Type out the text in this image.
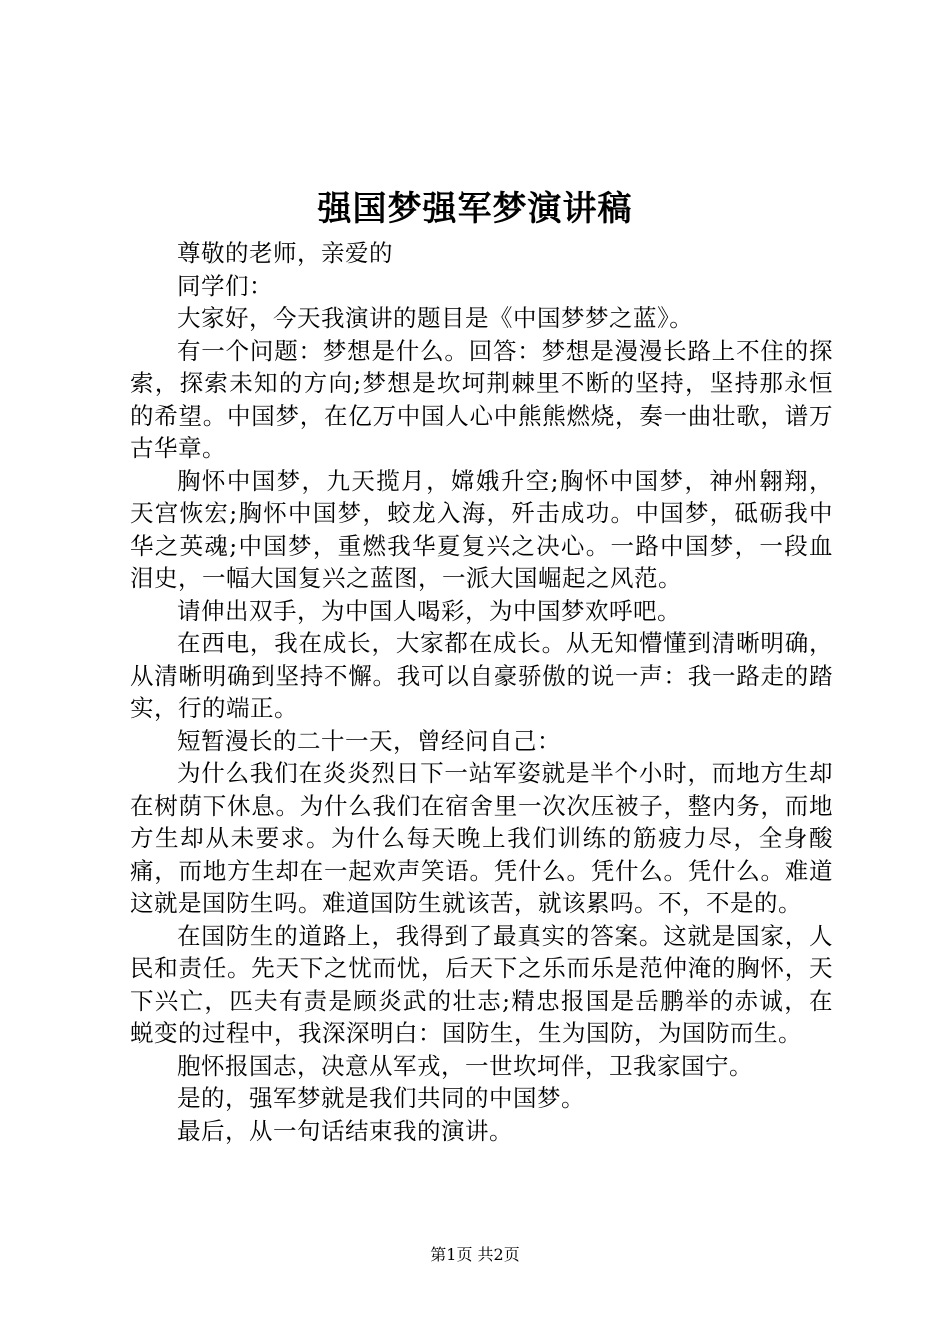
强国梦强军梦演讲稿

尊敬的老师，亲爱的

同学们：

大家好，今天我演讲的题目是《中国梦梦之蓝》。

有一个问题：梦想是什么。回答：梦想是漫漫长路上不住的探索，探索未知的方向;梦想是坎坷荆棘里不断的坚持，坚持那永恒的希望。中国梦，在亿万中国人心中熊熊燃烧，奏一曲壮歌，谱万古华章。

胸怀中国梦，九天揽月，嫦娥升空;胸怀中国梦，神州翱翔，天宫恢宏;胸怀中国梦，蛟龙入海，歼击成功。中国梦，砥砺我中华之英魂;中国梦，重燃我华夏复兴之决心。一路中国梦，一段血泪史，一幅大国复兴之蓝图，一派大国崛起之风范。

请伸出双手，为中国人喝彩，为中国梦欢呼吧。

在西电，我在成长，大家都在成长。从无知懵懂到清晰明确，从清晰明确到坚持不懈。我可以自豪骄傲的说一声：我一路走的踏实，行的端正。

短暂漫长的二十一天，曾经问自己：

为什么我们在炎炎烈日下一站军姿就是半个小时，而地方生却在树荫下休息。为什么我们在宿舍里一次次压被子，整内务，而地方生却从未要求。为什么每天晚上我们训练的筋疲力尽，全身酸痛，而地方生却在一起欢声笑语。凭什么。凭什么。凭什么。难道这就是国防生吗。难道国防生就该苦，就该累吗。不，不是的。

在国防生的道路上，我得到了最真实的答案。这就是国家，人民和责任。先天下之忧而忧，后天下之乐而乐是范仲淹的胸怀，天下兴亡，匹夫有责是顾炎武的壮志;精忠报国是岳鹏举的赤诚，在蜕变的过程中，我深深明白：国防生，生为国防，为国防而生。

胞怀报国志，决意从军戎，一世坎坷伴，卫我家国宁。

是的，强军梦就是我们共同的中国梦。

最后，从一句话结束我的演讲。

第1页 共2页
